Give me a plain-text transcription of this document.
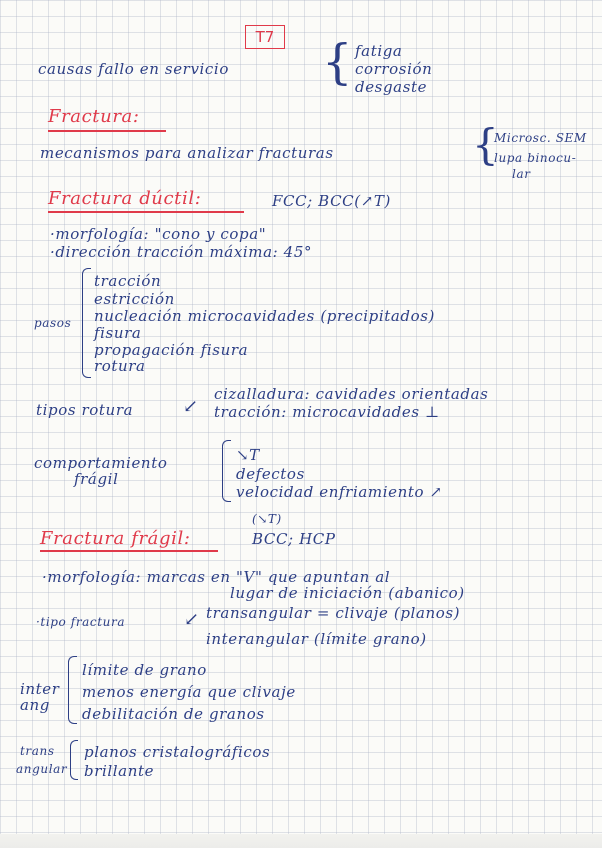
T7
causas fallo en servicio { fatiga
corrosión
desgaste
Fractura:
mecanismos para analizar fracturas	{
Microsc. SEM
lupa binocu-
lar
Fractura dúctil:	FCC; BCC(↗T)
·morfología: "cono y copa"
·dirección tracción máxima: 45°
pasos
tracción
estricción
nucleación microcavidades (precipitados)
fisura
propagación fisura
rotura
tipos rotura	↙
cizalladura: cavidades orientadas
tracción: microcavidades ⊥
comportamiento
frágil
↘T
defectos
velocidad enfriamiento ↗
(↘T)
Fractura frágil:	BCC; HCP
·morfología: marcas en "V" que apuntan al
lugar de iniciación (abanico)
·tipo fractura	↙ transangular = clivaje (planos)
interangular (límite grano)
inter
ang
límite de grano
menos energía que clivaje
debilitación de granos
trans
angular
planos cristalográficos
brillante
